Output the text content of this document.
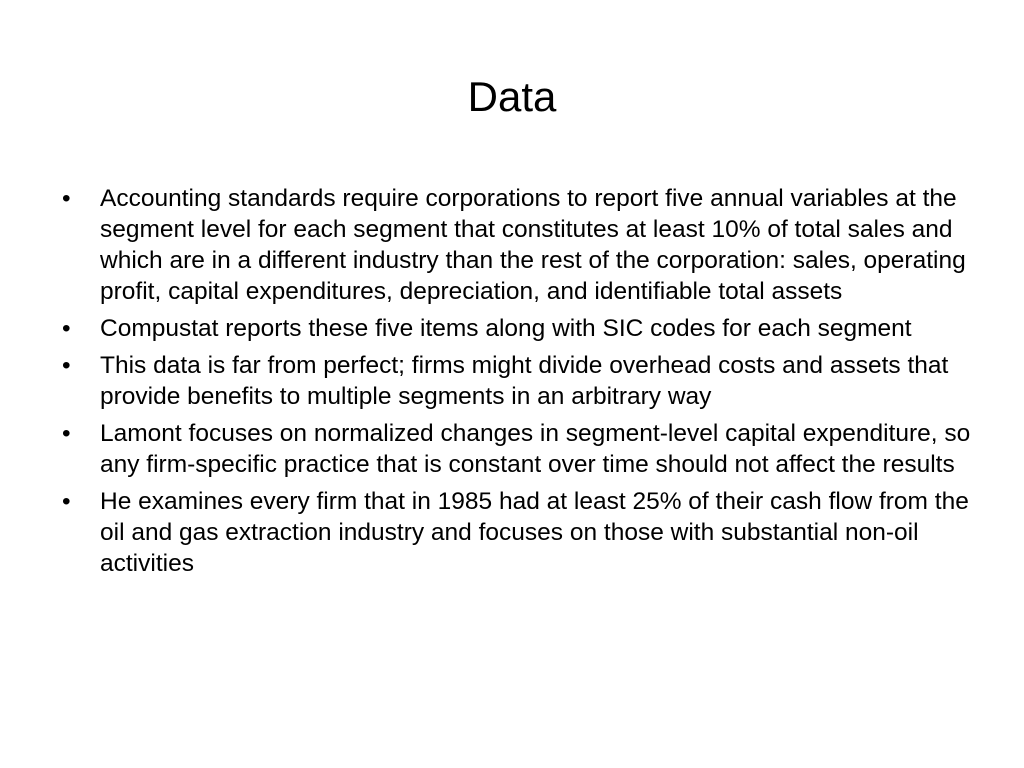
Data
•	Accounting standards require corporations to report five annual variables at the segment level for each segment that constitutes at least 10% of total sales and which are in a different industry than the rest of the corporation: sales, operating profit, capital expenditures, depreciation, and identifiable total assets
•	Compustat reports these five items along with SIC codes for each segment
•	This data is far from perfect; firms might divide overhead costs and assets that provide benefits to multiple segments in an arbitrary way
•	Lamont focuses on normalized changes in segment-level capital expenditure, so any firm-specific practice that is constant over time should not affect the results
•	He examines every firm that in 1985 had at least 25% of their cash flow from the oil and gas extraction industry and focuses on those with substantial non-oil activities
